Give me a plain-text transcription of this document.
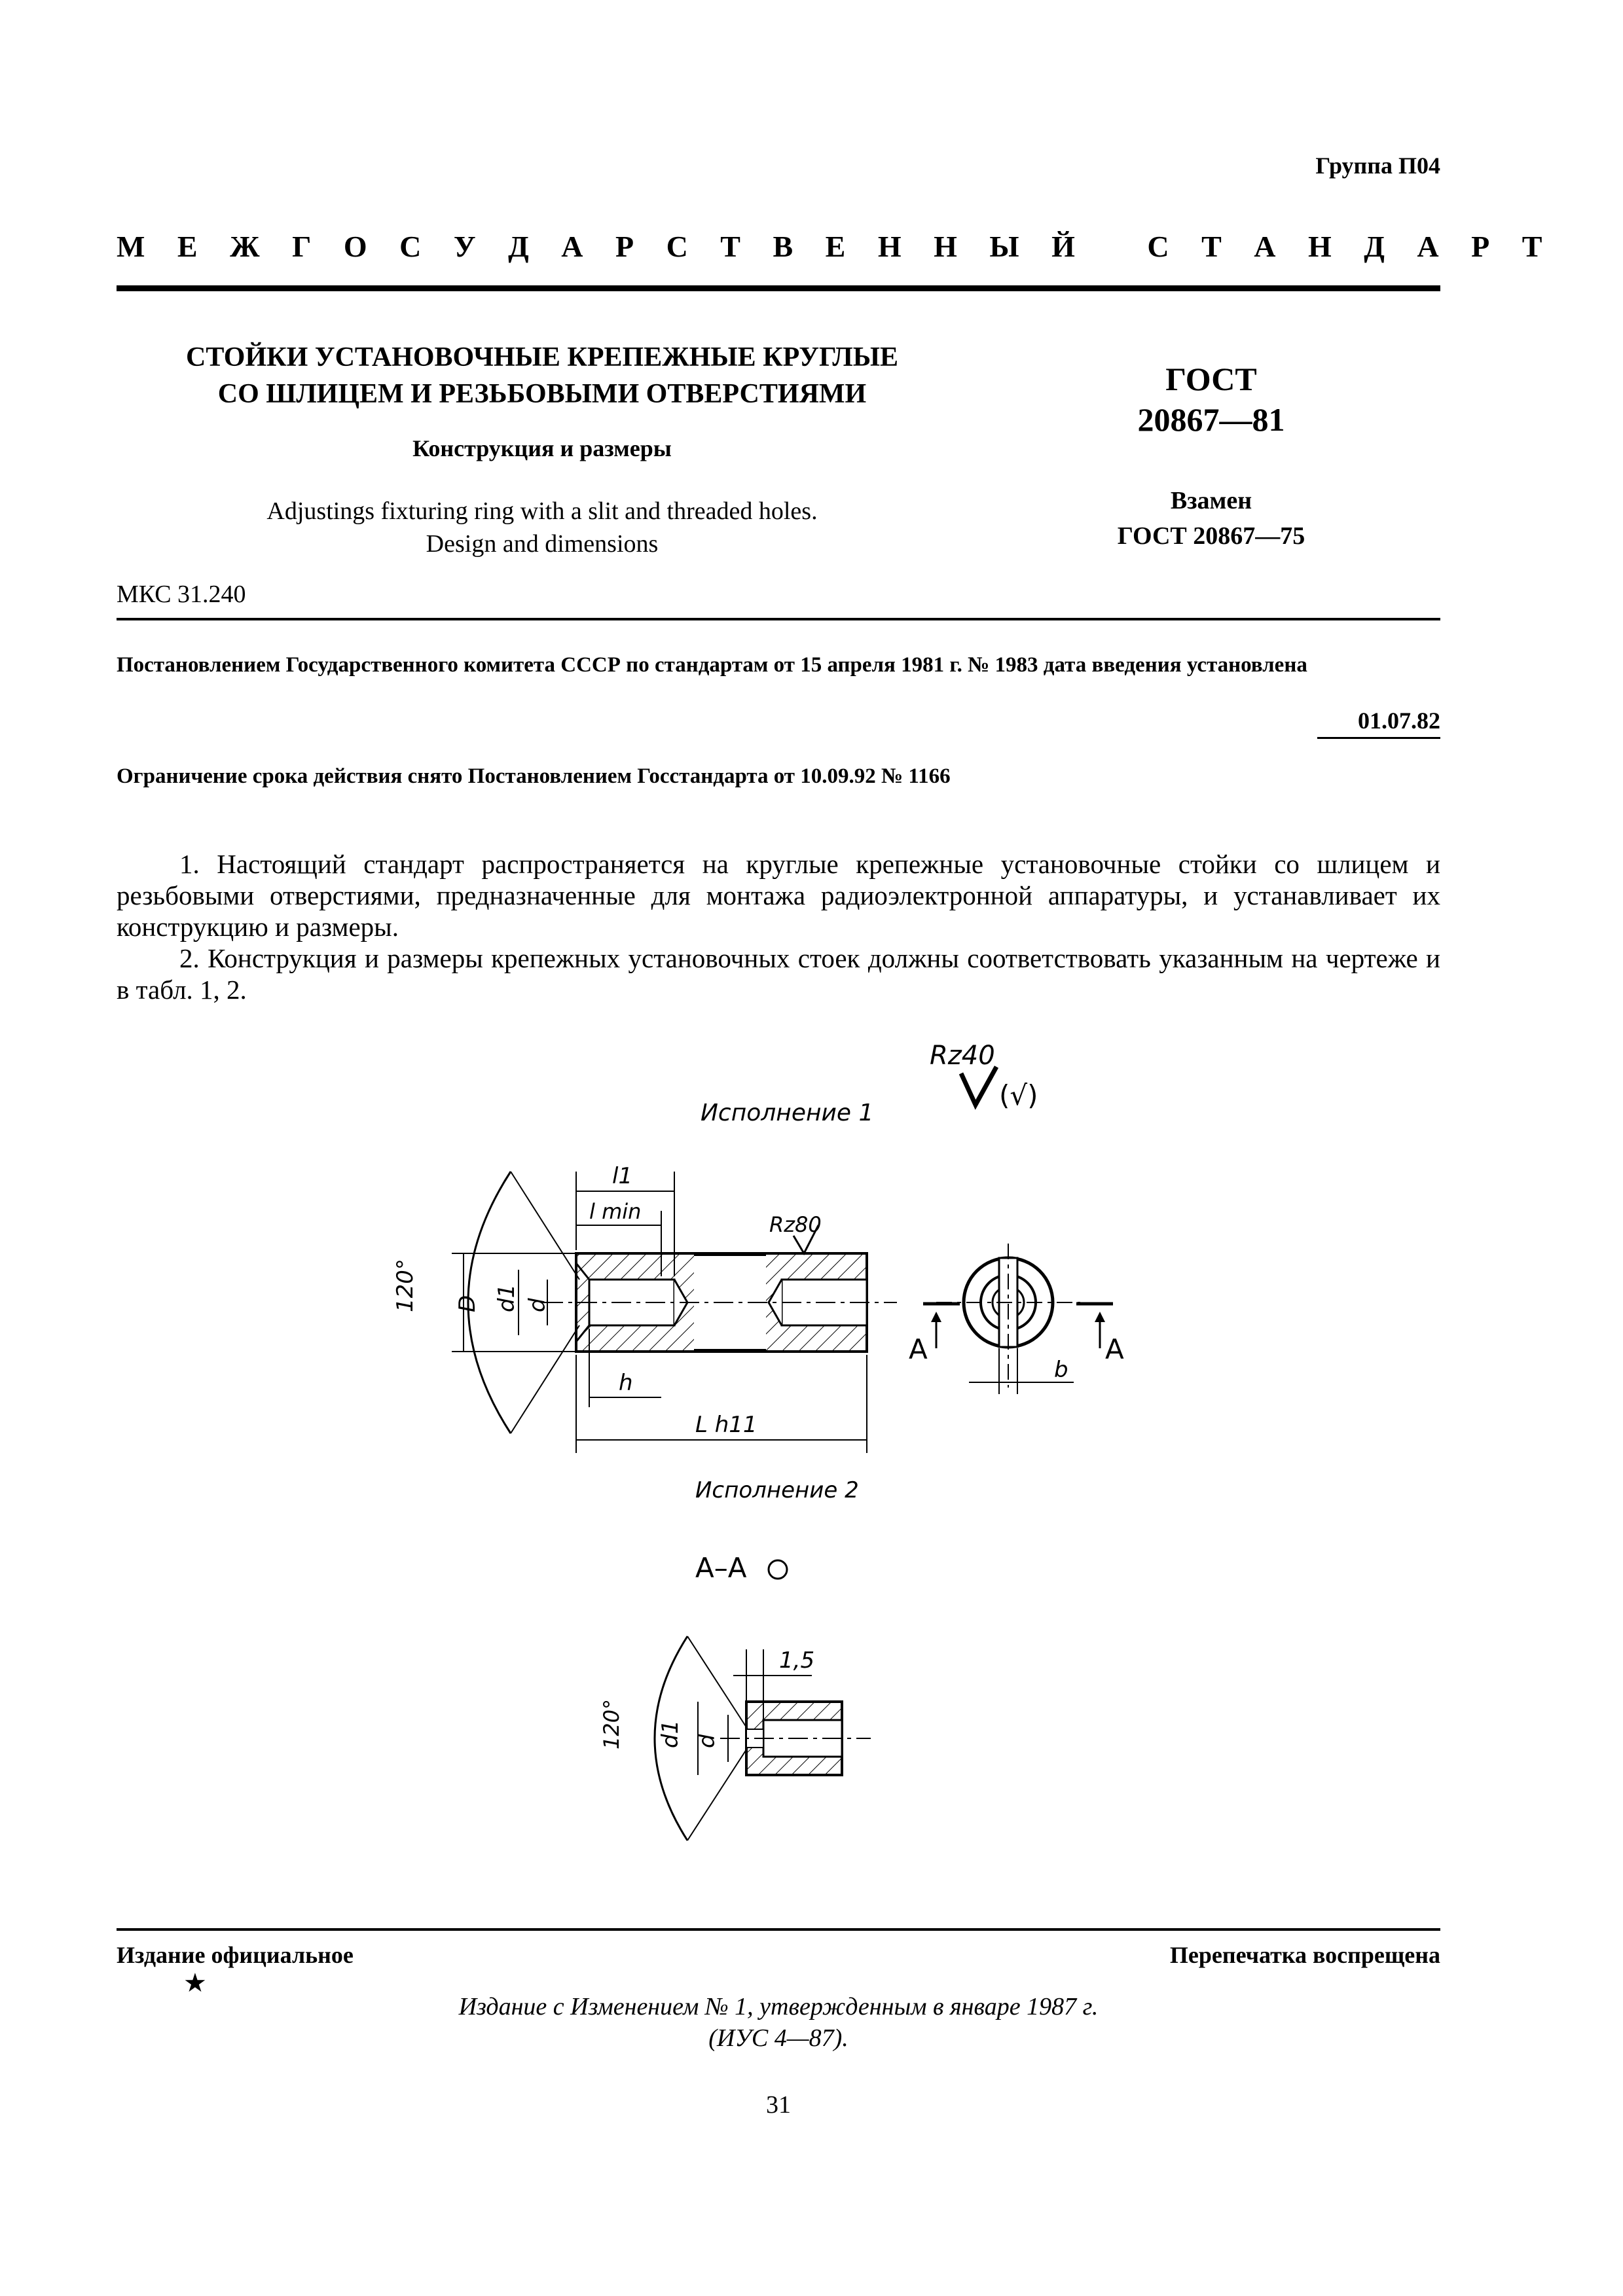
Группа П04
М Е Ж Г О С У Д А Р С Т В Е Н Н Ы Й   С Т А Н Д А Р Т
СТОЙКИ УСТАНОВОЧНЫЕ КРЕПЕЖНЫЕ КРУГЛЫЕ
СО ШЛИЦЕМ И РЕЗЬБОВЫМИ ОТВЕРСТИЯМИ
Конструкция и размеры
Adjustings fixturing ring with a slit and threaded holes.
Design and dimensions
ГОСТ
20867—81
Взамен
ГОСТ 20867—75
МКС 31.240
Постановлением Государственного комитета СССР по стандартам от 15 апреля 1981 г. № 1983 дата введения установлена
01.07.82
Ограничение срока действия снято Постановлением Госстандарта от 10.09.92 № 1166
1. Настоящий стандарт распространяется на круглые крепежные установочные стойки со шлицем и резьбовыми отверстиями, предназначенные для монтажа радиоэлектронной аппаратуры, и устанавливает их конструкцию и размеры.
2. Конструкция и размеры крепежных установочных стоек должны соответствовать указанным на чертеже и в табл. 1, 2.
Rz40
(√)
Исполнение 1
120° D d1 d
l1
l min
Rz80
h
L h11
А	А
b
Исполнение 2
А–А
120° d1 d
1,5
Издание официальное
★
Перепечатка воспрещена
Издание с Изменением № 1, утвержденным в январе 1987 г.
(ИУС 4—87).
31
